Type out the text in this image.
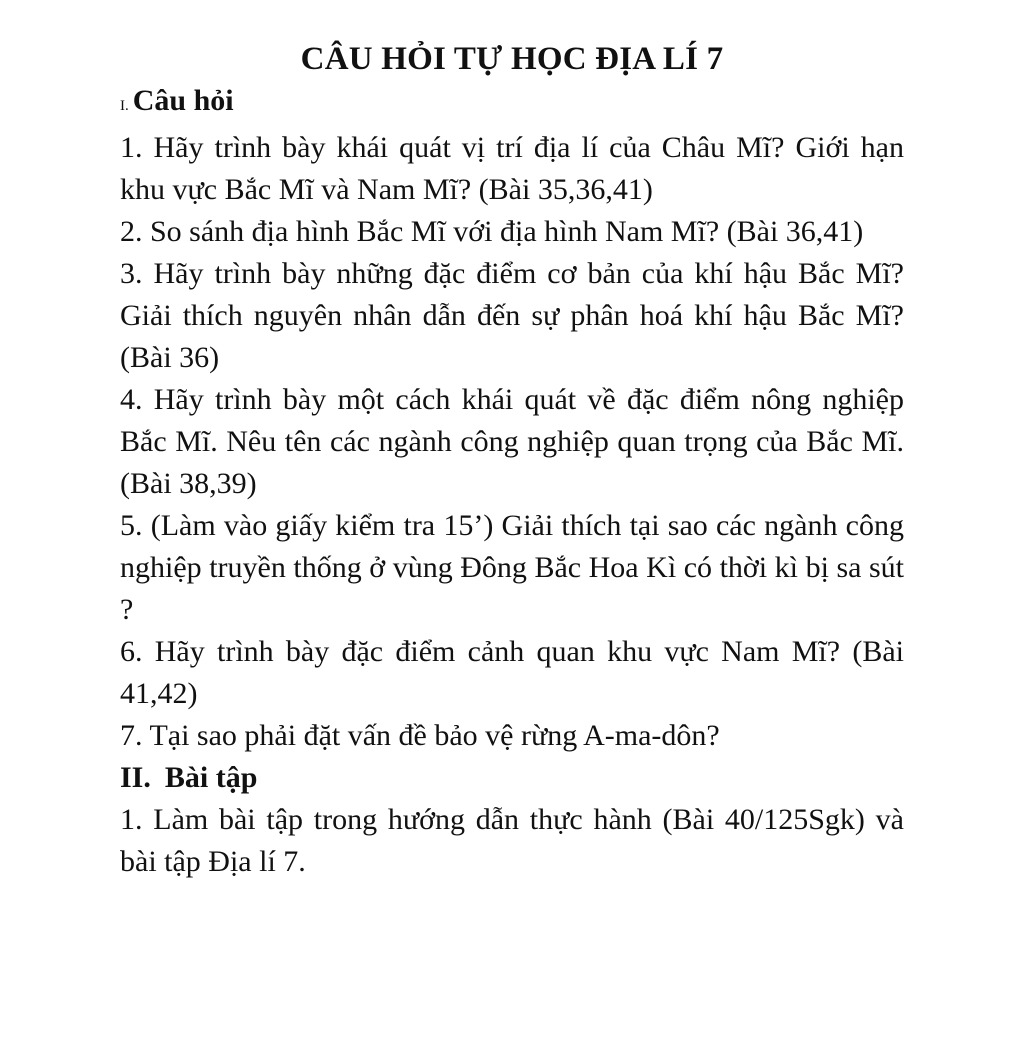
CÂU HỎI TỰ HỌC ĐỊA LÍ 7

I. Câu hỏi

1. Hãy trình bày khái quát vị trí địa lí của Châu Mĩ? Giới hạn khu vực Bắc Mĩ và Nam Mĩ? (Bài 35,36,41)

2. So sánh địa hình Bắc Mĩ với địa hình Nam Mĩ? (Bài 36,41)

3. Hãy trình bày những đặc điểm cơ bản của khí hậu Bắc Mĩ? Giải thích nguyên nhân dẫn đến sự phân hoá khí hậu Bắc Mĩ? (Bài 36)

4. Hãy trình bày một cách khái quát về đặc điểm nông nghiệp Bắc Mĩ. Nêu tên các ngành công nghiệp quan trọng của Bắc Mĩ. (Bài 38,39)

5. (Làm vào giấy kiểm tra 15’) Giải thích tại sao các ngành công nghiệp truyền thống ở vùng Đông Bắc Hoa Kì có thời kì bị sa sút ?

6. Hãy trình bày đặc điểm cảnh quan khu vực Nam Mĩ? (Bài 41,42)

7. Tại sao phải đặt vấn đề bảo vệ rừng A-ma-dôn?

II. Bài tập

1. Làm bài tập trong hướng dẫn thực hành (Bài 40/125Sgk) và bài tập Địa lí 7.
